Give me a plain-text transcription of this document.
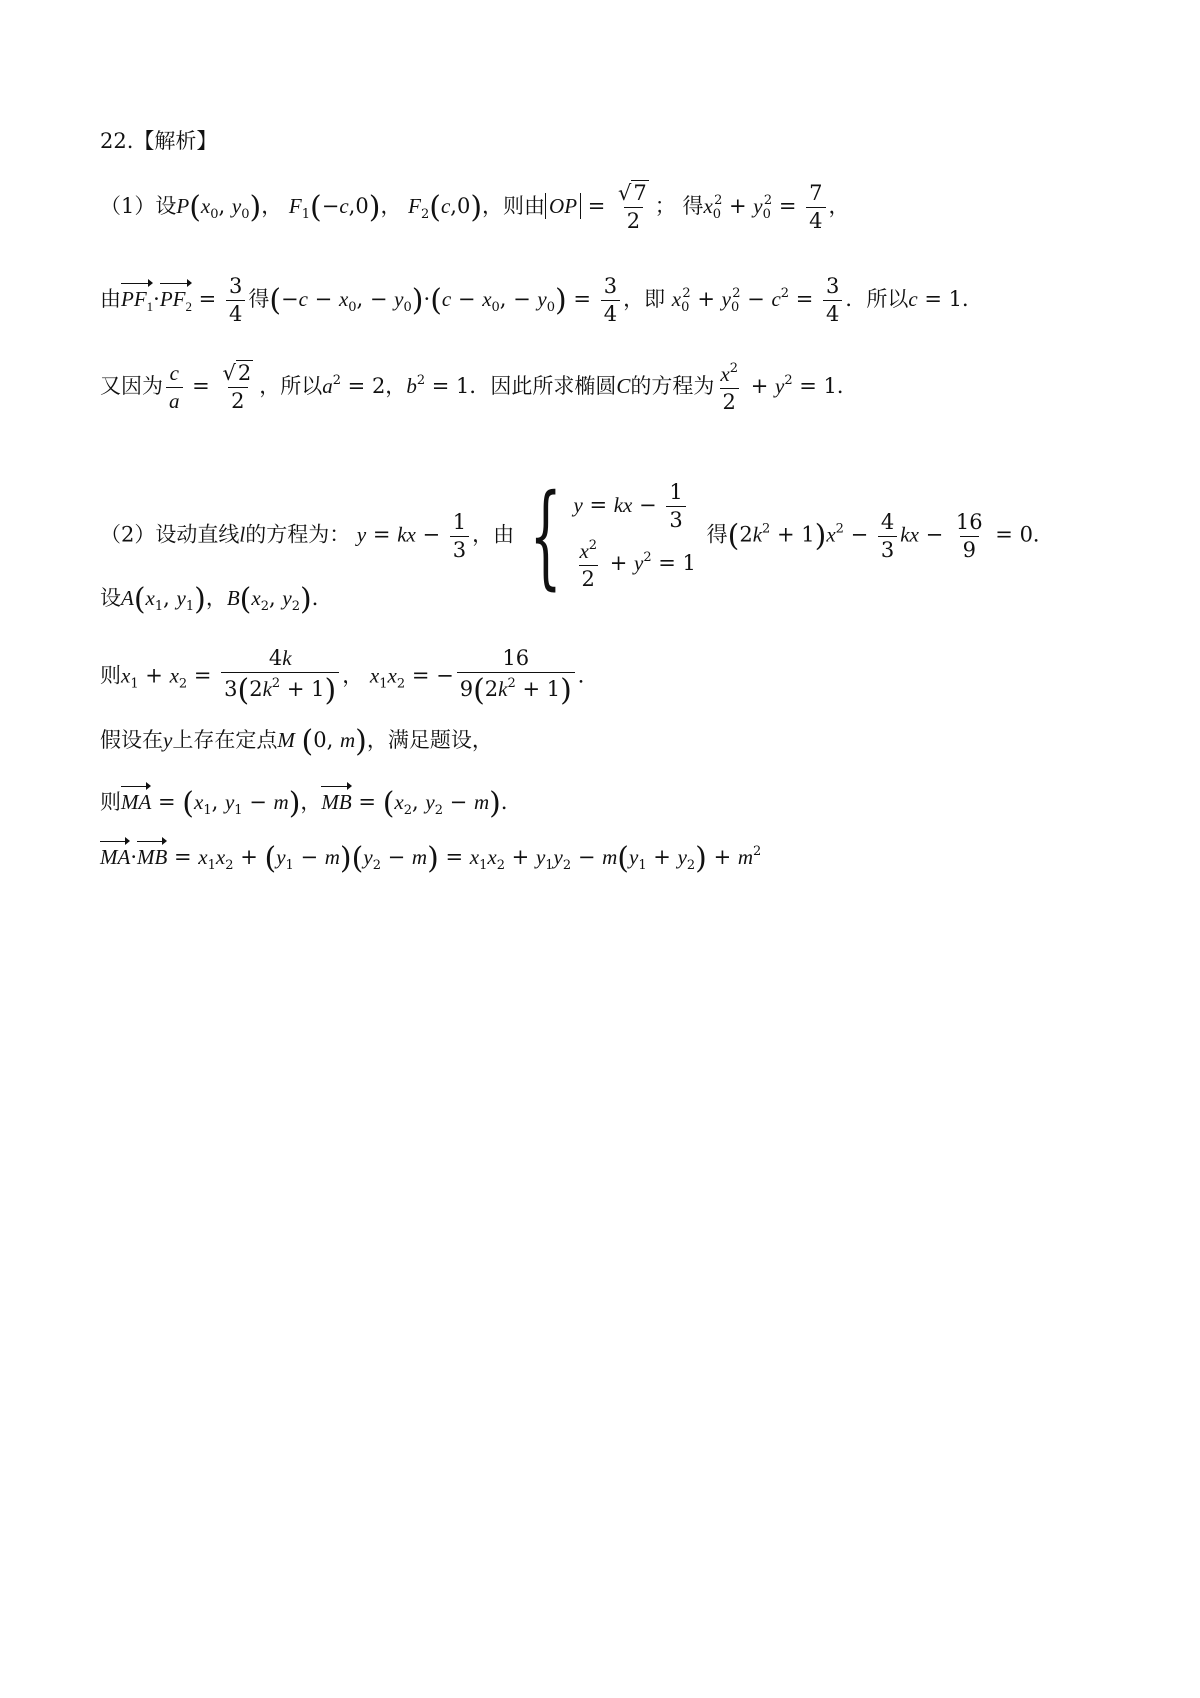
22.【解析】
（1）设$P(x_0$, $y_0$)， $F_1(-c,0)$， $F_2(c,0)$，则由 OP = $\frac{√7}{2}$ ； 得$x_0^2 + y_0^2 = \frac{7}{4}$ ，
由$PF_1\cdot PF_2 = \frac{3}{4}$ 得($-c - x_0$, − $y_0)\cdot(c - x_0$, − $y_0) = \frac{3}{4}$ ，即 $x_0^2 + y_0^2 - c^2 = \frac{3}{4}$ ．所以c = 1．
又因为 $\frac{c}{a} = \frac{√2}{2}$ ，所以$a^2 = 2$，$b^2 = 1$．因此所求椭圆C的方程为 $\frac{x^2}{2} + y^2 = 1$．
（2）设动直线l的方程为： y = kx − $\frac{1}{3}$ ，由 { y = kx − $\frac{1}{3}$
$\frac{x^2}{2} + y^2 = 1$
得$(2k^2 + 1)x^2 - \frac{4}{3}$ kx − $\frac{16}{9} = 0$．
设$A(x_1$, $y_1$)，$B(x_2$, $y_2$)．
则$x_1 + x_2 = \frac{4k}{3(2k^2 + 1)}$ ， $x_1x_2$ = − $\frac{16}{9(2k^2 + 1)}$ ．
假设在y上存在定点M (0, m)，满足题设，
则MA = ($x_1$, $y_1 - m$)，MB = ($x_2$, $y_2 - m$)．
$MA\cdot MB = x_1x_2 + (y_1 - m)(y_2 - m) = x_1x_2 + y_1y_2 - m(y_1 + y_2) + m^2$
